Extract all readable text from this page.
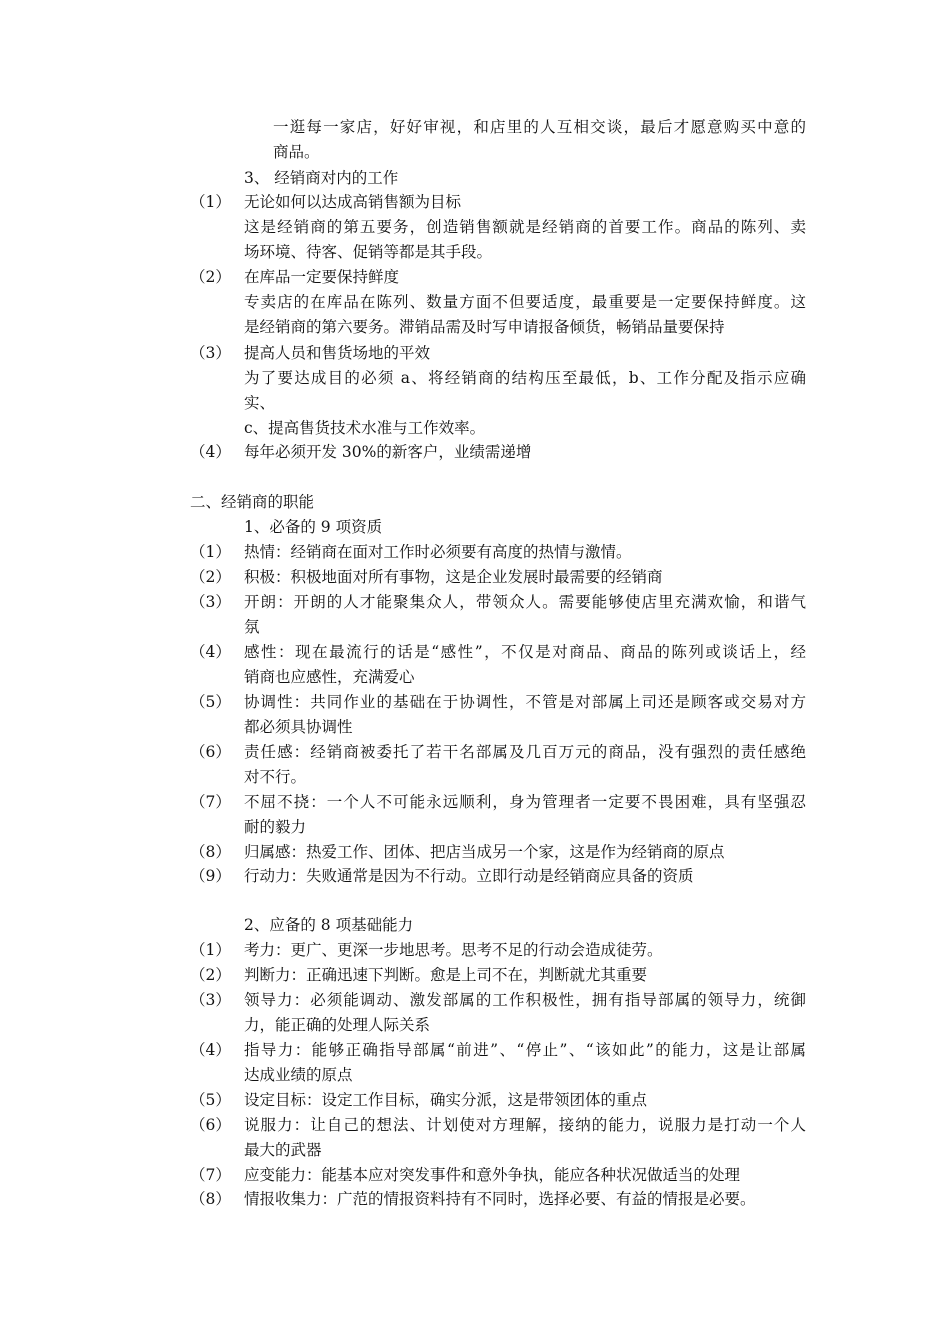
一逛每一家店，好好审视，和店里的人互相交谈，最后才愿意购买中意的
商品。
3、 经销商对内的工作
（1） 无论如何以达成高销售额为目标
这是经销商的第五要务，创造销售额就是经销商的首要工作。商品的陈列、卖
场环境、待客、促销等都是其手段。
（2） 在库品一定要保持鲜度
专卖店的在库品在陈列、数量方面不但要适度，最重要是一定要保持鲜度。这
是经销商的第六要务。滞销品需及时写申请报备倾货，畅销品量要保持
（3） 提高人员和售货场地的平效
为了要达成目的必须 a、将经销商的结构压至最低，b、工作分配及指示应确
实、
c、提高售货技术水准与工作效率。
（4） 每年必须开发 30%的新客户，业绩需递增
二、经销商的职能
1、必备的 9 项资质
（1） 热情：经销商在面对工作时必须要有高度的热情与激情。
（2） 积极：积极地面对所有事物，这是企业发展时最需要的经销商
（3） 开朗：开朗的人才能聚集众人，带领众人。需要能够使店里充满欢愉，和谐气
氛
（4） 感性：现在最流行的话是“感性”，不仅是对商品、商品的陈列或谈话上，经
销商也应感性，充满爱心
（5） 协调性：共同作业的基础在于协调性，不管是对部属上司还是顾客或交易对方
都必须具协调性
（6） 责任感：经销商被委托了若干名部属及几百万元的商品，没有强烈的责任感绝
对不行。
（7） 不屈不挠：一个人不可能永远顺利，身为管理者一定要不畏困难，具有坚强忍
耐的毅力
（8） 归属感：热爱工作、团体、把店当成另一个家，这是作为经销商的原点
（9） 行动力：失败通常是因为不行动。立即行动是经销商应具备的资质
2、应备的 8 项基础能力
（1） 考力：更广、更深一步地思考。思考不足的行动会造成徒劳。
（2） 判断力：正确迅速下判断。愈是上司不在，判断就尤其重要
（3） 领导力：必须能调动、激发部属的工作积极性，拥有指导部属的领导力，统御
力，能正确的处理人际关系
（4） 指导力：能够正确指导部属“前进”、“停止”、“该如此”的能力，这是让部属
达成业绩的原点
（5） 设定目标：设定工作目标，确实分派，这是带领团体的重点
（6） 说服力：让自己的想法、计划使对方理解，接纳的能力，说服力是打动一个人
最大的武器
（7） 应变能力：能基本应对突发事件和意外争执，能应各种状况做适当的处理
（8） 情报收集力：广范的情报资料持有不同时，选择必要、有益的情报是必要。
